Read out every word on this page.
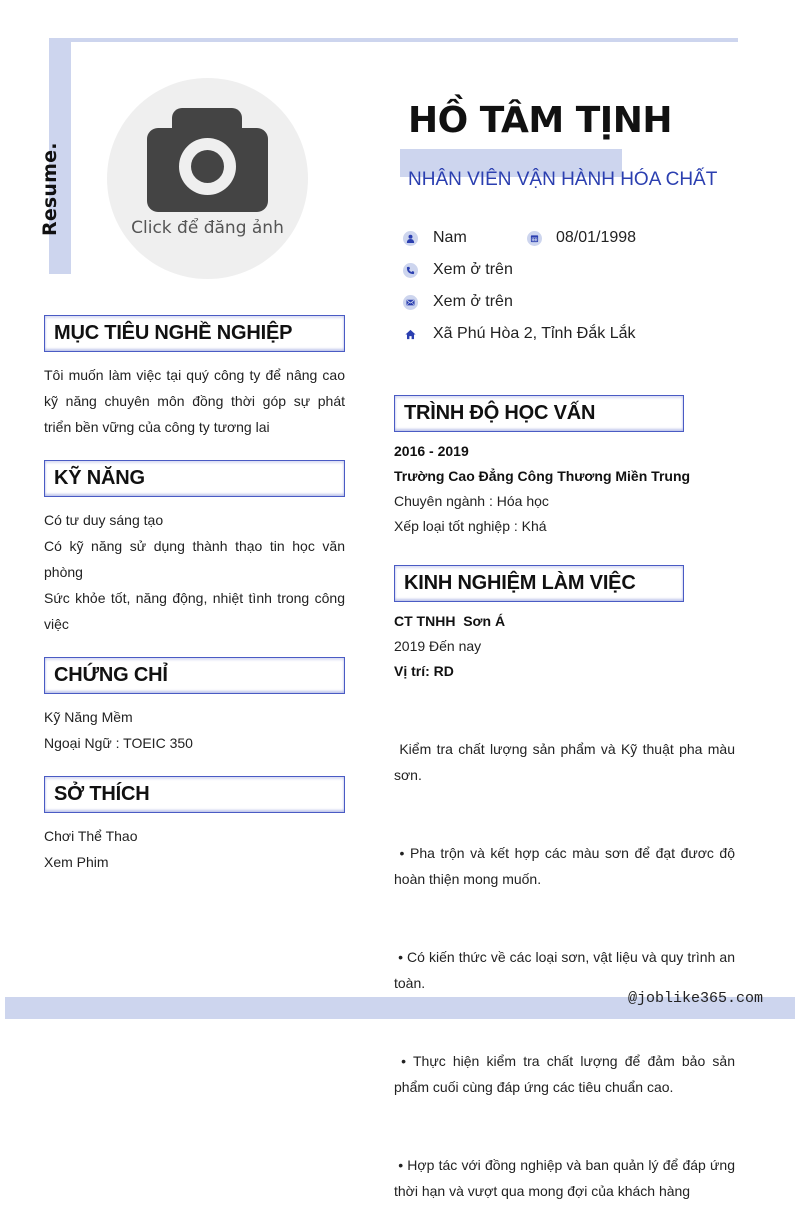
Resume.	Click để đăng ảnh
HỒ TÂM TỊNH
NHÂN VIÊN VẬN HÀNH HÓA CHẤT
Nam	08/01/1998
Xem ở trên
Xem ở trên
Xã Phú Hòa 2, Tỉnh Đắk Lắk
MỤC TIÊU NGHỀ NGHIỆP
Tôi muốn làm việc tại quý công ty để nâng cao kỹ năng chuyên môn đồng thời góp sự phát triển bền vững của công ty tương lai
KỸ NĂNG
Có tư duy sáng tạo
Có kỹ năng sử dụng thành thạo tin học văn phòng
Sức khỏe tốt, năng động, nhiệt tình trong công việc
CHỨNG CHỈ
Kỹ Năng Mềm
Ngoại Ngữ : TOEIC 350
SỞ THÍCH
Chơi Thể Thao
Xem Phim
TRÌNH ĐỘ HỌC VẤN
2016 - 2019
Trường Cao Đẳng Công Thương Miền Trung
Chuyên ngành : Hóa học
Xếp loại tốt nghiệp : Khá
KINH NGHIỆM LÀM VIỆC
CT TNHH  Sơn Á
2019 Đến nay
Vị trí: RD

Kiểm tra chất lượng sản phẩm và Kỹ thuật pha màu sơn.

• Pha trộn và kết hợp các màu sơn để đạt đươc độ hoàn thiện mong muốn.

• Có kiến thức về các loại sơn, vật liệu và quy trình an toàn.

• Thực hiện kiểm tra chất lượng để đảm bảo sản phẩm cuối cùng đáp ứng các tiêu chuẩn cao.

• Hợp tác với đồng nghiệp và ban quản lý để đáp ứng thời hạn và vượt qua mong đợi của khách hàng

@joblike365.com
